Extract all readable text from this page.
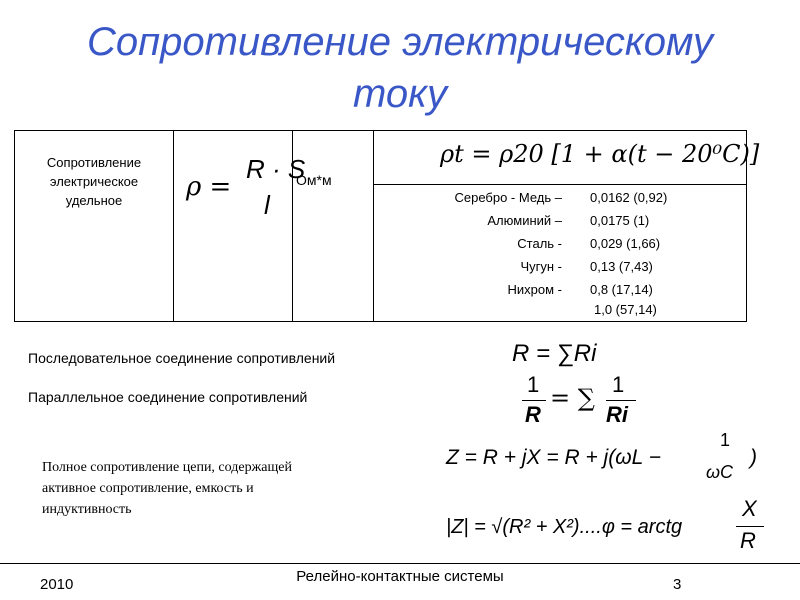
Сопротивление электрическому
току
Сопротивление
электрическое
удельное	ρ =
R · S
l
Ом*м
ρt = ρ20 [1 + α(t − 20⁰C)]
Серебро - Медь – 0,0162 (0,92)
Алюминий – 0,0175 (1)
Сталь - 0,029 (1,66)
Чугун - 0,13 (7,43)
Нихром - 0,8 (17,14)
1,0 (57,14)
Последовательное соединение сопротивлений	R = ∑Ri
Параллельное соединение сопротивлений	1
R
= ∑ 1
Ri
Полное сопротивление цепи, содержащей
активное сопротивление, емкость и
индуктивность
Z = R + jX = R + j(ωL −
1
ωC
)
|Z| = √(R² + X²)....φ = arctg
X
R
2010	Релейно-контактные системы	3
